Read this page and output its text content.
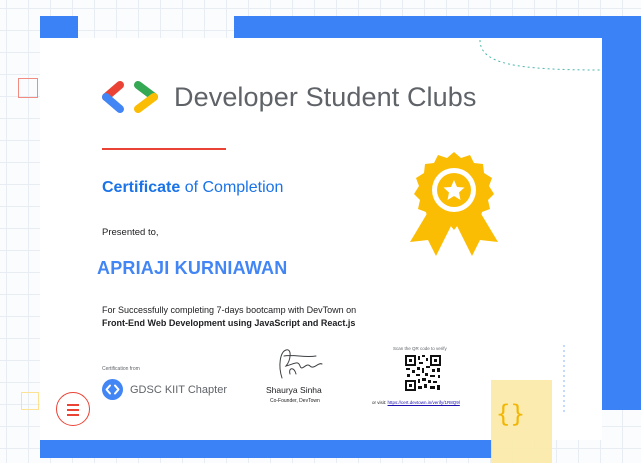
Developer Student Clubs
Certificate of Completion
Presented to,
APRIAJI KURNIAWAN
For Successfully completing 7-days bootcamp with DevTown on
Front-End Web Development using JavaScript and React.js
Certification from
GDSC KIIT Chapter	Shaurya Sinha
Co-Founder, DevTown
Scan the QR code to verify
or visit: https://cert.devtown.in/verify/1R8Q9l {}
